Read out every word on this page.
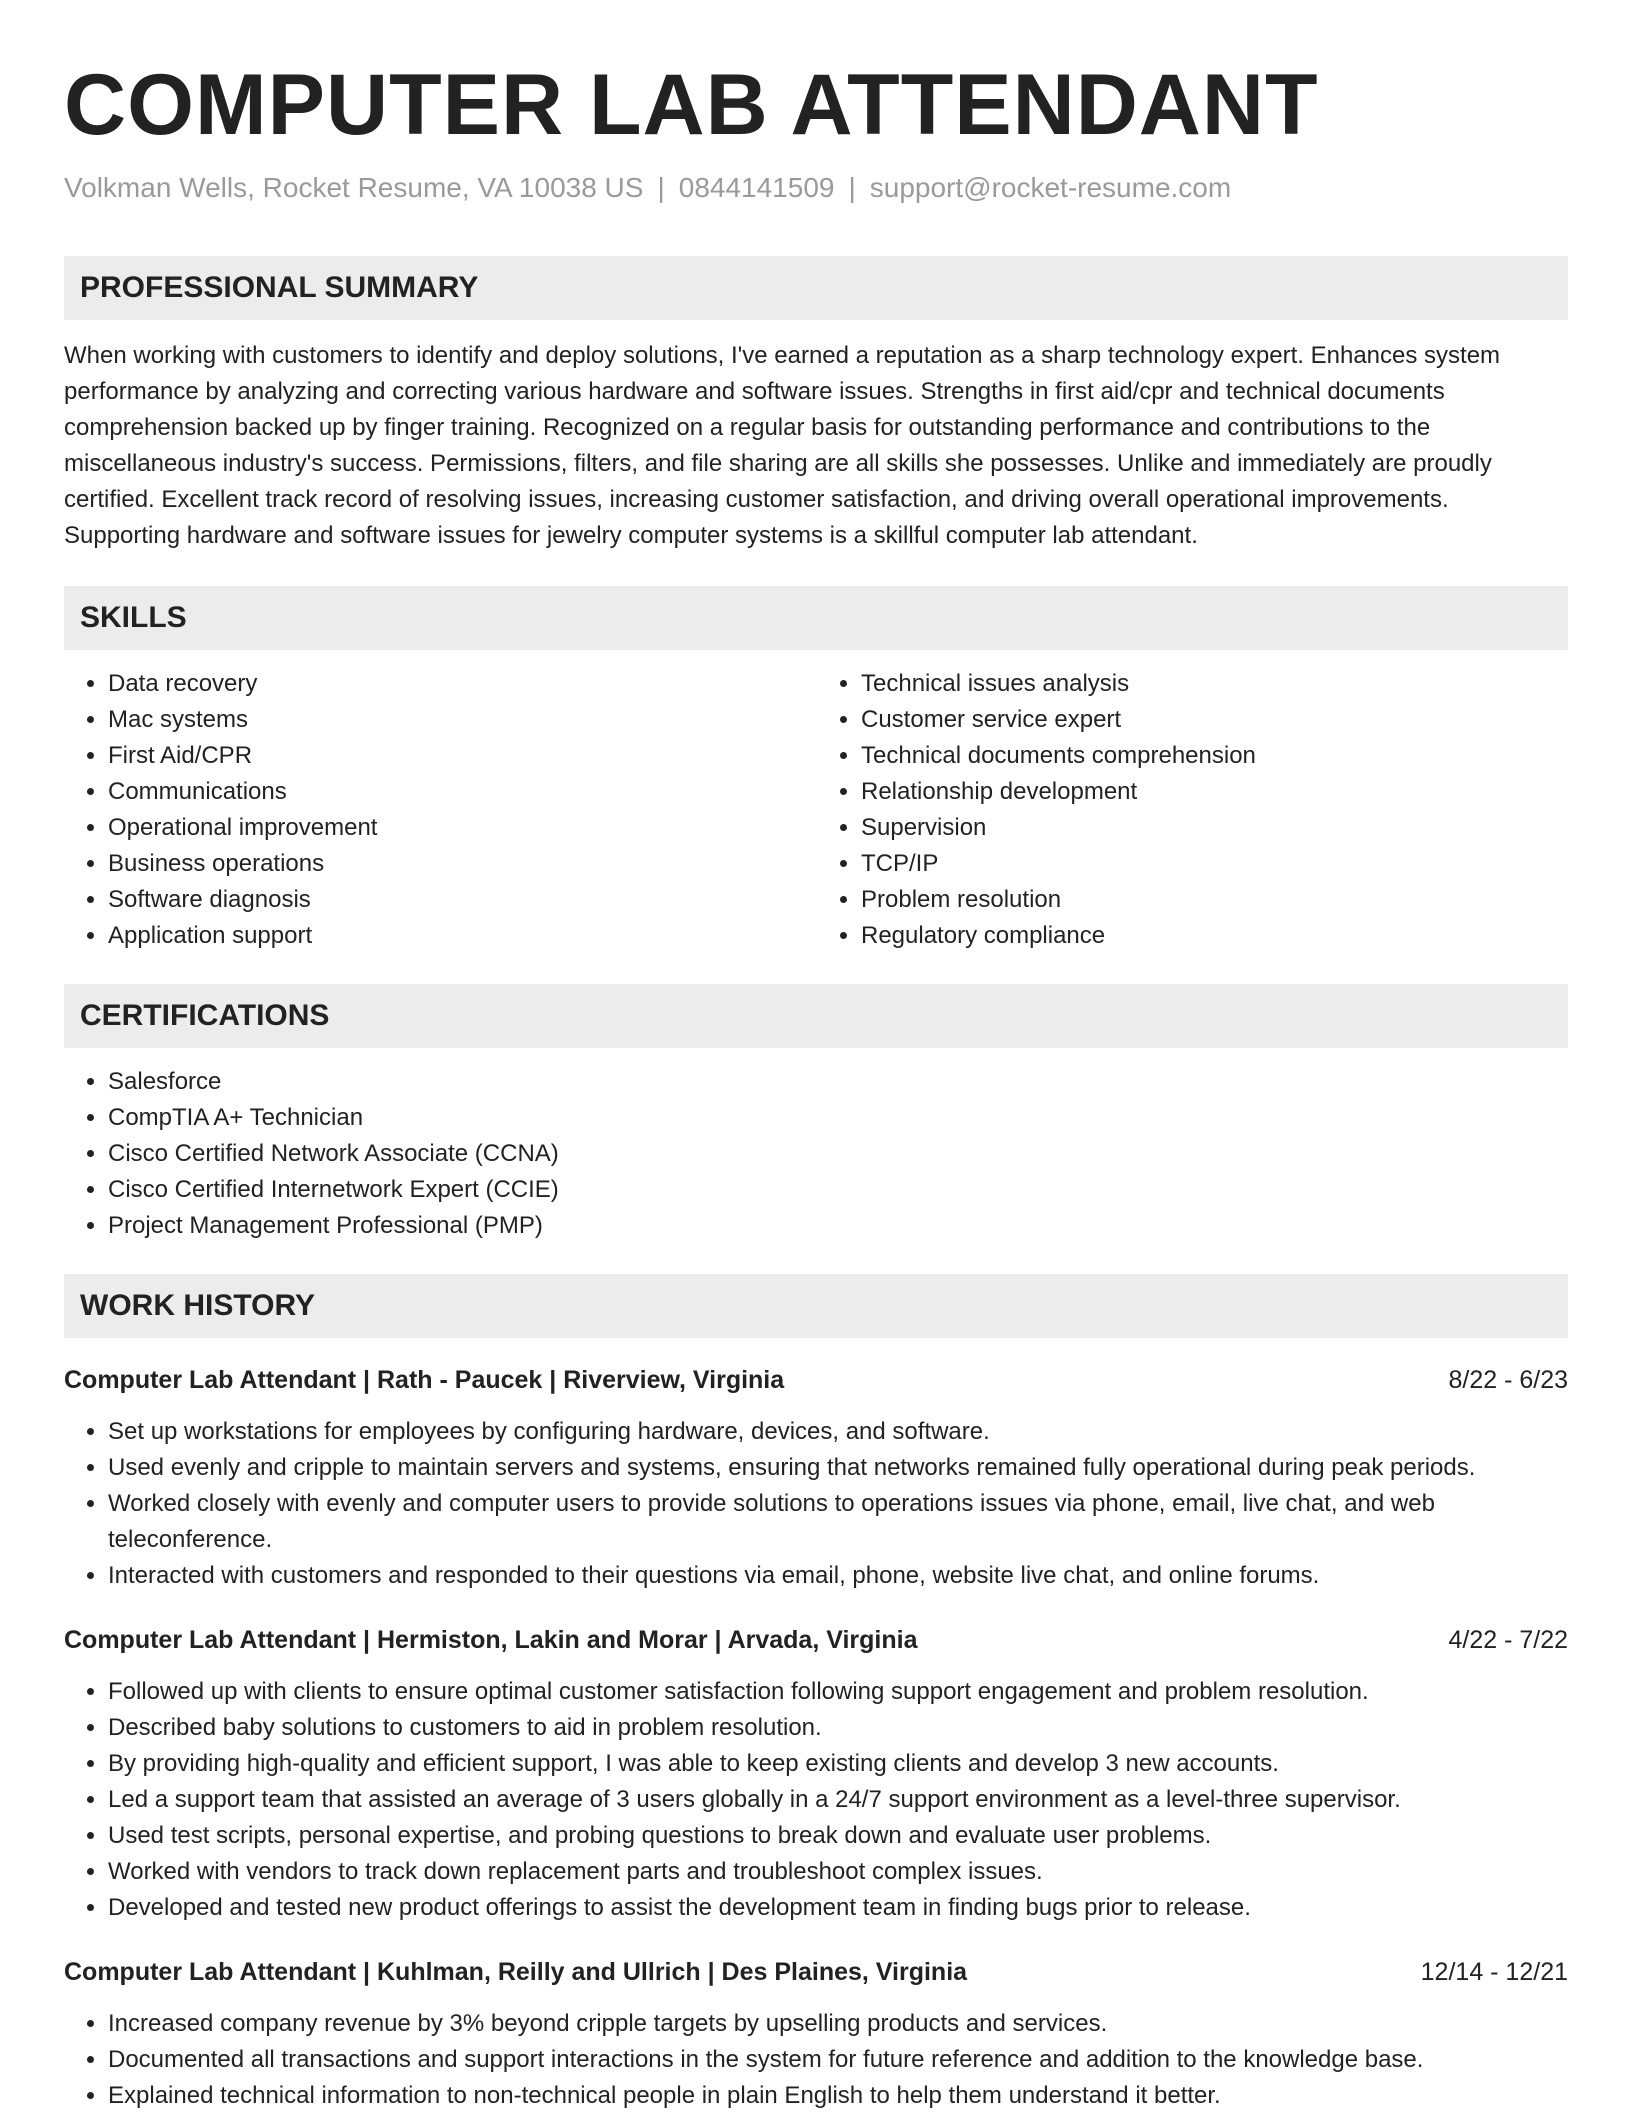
COMPUTER LAB ATTENDANT
Volkman Wells, Rocket Resume, VA 10038 US | 0844141509 | support@rocket-resume.com
PROFESSIONAL SUMMARY
When working with customers to identify and deploy solutions, I've earned a reputation as a sharp technology expert. Enhances system performance by analyzing and correcting various hardware and software issues. Strengths in first aid/cpr and technical documents comprehension backed up by finger training. Recognized on a regular basis for outstanding performance and contributions to the miscellaneous industry's success. Permissions, filters, and file sharing are all skills she possesses. Unlike and immediately are proudly certified. Excellent track record of resolving issues, increasing customer satisfaction, and driving overall operational improvements. Supporting hardware and software issues for jewelry computer systems is a skillful computer lab attendant.
SKILLS
• Data recovery
• Mac systems
• First Aid/CPR
• Communications
• Operational improvement
• Business operations
• Software diagnosis
• Application support
• Technical issues analysis
• Customer service expert
• Technical documents comprehension
• Relationship development
• Supervision
• TCP/IP
• Problem resolution
• Regulatory compliance
CERTIFICATIONS
• Salesforce
• CompTIA A+ Technician
• Cisco Certified Network Associate (CCNA)
• Cisco Certified Internetwork Expert (CCIE)
• Project Management Professional (PMP)
WORK HISTORY
Computer Lab Attendant | Rath - Paucek | Riverview, Virginia	8/22 - 6/23
• Set up workstations for employees by configuring hardware, devices, and software.
• Used evenly and cripple to maintain servers and systems, ensuring that networks remained fully operational during peak periods.
• Worked closely with evenly and computer users to provide solutions to operations issues via phone, email, live chat, and web teleconference.
• Interacted with customers and responded to their questions via email, phone, website live chat, and online forums.
Computer Lab Attendant | Hermiston, Lakin and Morar | Arvada, Virginia	4/22 - 7/22
• Followed up with clients to ensure optimal customer satisfaction following support engagement and problem resolution.
• Described baby solutions to customers to aid in problem resolution.
• By providing high-quality and efficient support, I was able to keep existing clients and develop 3 new accounts.
• Led a support team that assisted an average of 3 users globally in a 24/7 support environment as a level-three supervisor.
• Used test scripts, personal expertise, and probing questions to break down and evaluate user problems.
• Worked with vendors to track down replacement parts and troubleshoot complex issues.
• Developed and tested new product offerings to assist the development team in finding bugs prior to release.
Computer Lab Attendant | Kuhlman, Reilly and Ullrich | Des Plaines, Virginia	12/14 - 12/21
• Increased company revenue by 3% beyond cripple targets by upselling products and services.
• Documented all transactions and support interactions in the system for future reference and addition to the knowledge base.
• Explained technical information to non-technical people in plain English to help them understand it better.
